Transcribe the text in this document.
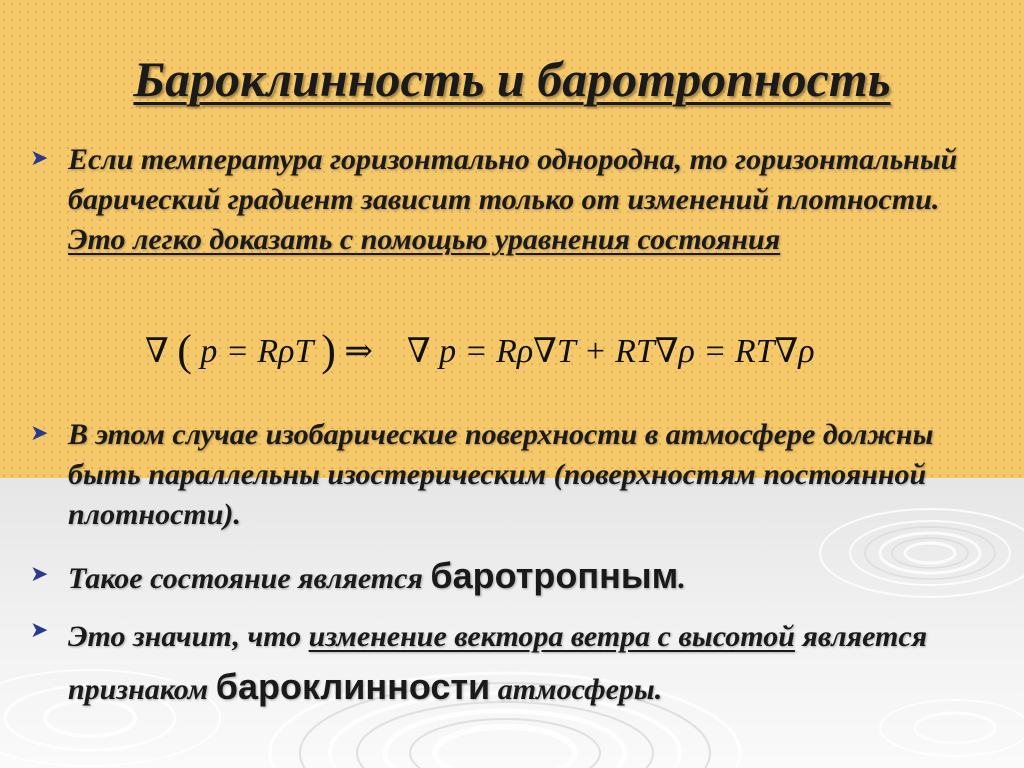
Бароклинность и баротропность
➤ Если температура горизонтально однородна, то горизонтальный барический градиент зависит только от изменений плотности. Это легко доказать с помощью уравнения состояния
∇ ( p = RρT ) ⇒ ∇ p = Rρ∇T + RT∇ρ = RT∇ρ
➤ В этом случае изобарические поверхности в атмосфере должны быть параллельны изостерическим (поверхностям постоянной плотности).
➤ Такое состояние является баротропным.
➤ Это значит, что изменение вектора ветра с высотой является признаком бароклинности атмосферы.
